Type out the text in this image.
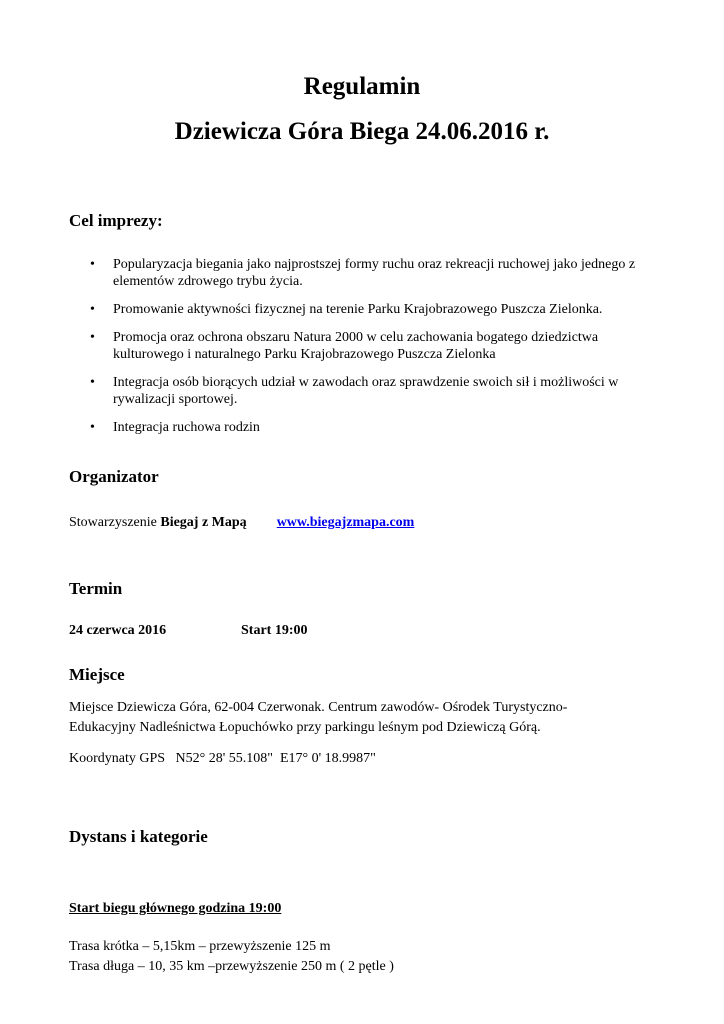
Regulamin
Dziewicza Góra Biega 24.06.2016 r.
Cel imprezy:
• Popularyzacja biegania jako najprostszej formy ruchu oraz rekreacji ruchowej jako jednego z elementów zdrowego trybu życia.
• Promowanie aktywności fizycznej na terenie Parku Krajobrazowego Puszcza Zielonka.
• Promocja oraz ochrona obszaru Natura 2000 w celu zachowania bogatego dziedzictwa kulturowego i naturalnego Parku Krajobrazowego Puszcza Zielonka
• Integracja osób biorących udział w zawodach oraz sprawdzenie swoich sił i możliwości w rywalizacji sportowej.
• Integracja ruchowa rodzin
Organizator

Stowarzyszenie Biegaj z Mapą www.biegajzmapa.com

Termin

24 czerwca 2016	Start 19:00

Miejsce

Miejsce Dziewicza Góra, 62-004 Czerwonak. Centrum zawodów- Ośrodek Turystyczno-

Edukacyjny Nadleśnictwa Łopuchówko przy parkingu leśnym pod Dziewiczą Górą.

Koordynaty GPS   N52° 28' 55.108"  E17° 0' 18.9987"

Dystans i kategorie

Start biegu głównego godzina 19:00

Trasa krótka – 5,15km – przewyższenie 125 m

Trasa długa – 10, 35 km –przewyższenie 250 m ( 2 pętle )
